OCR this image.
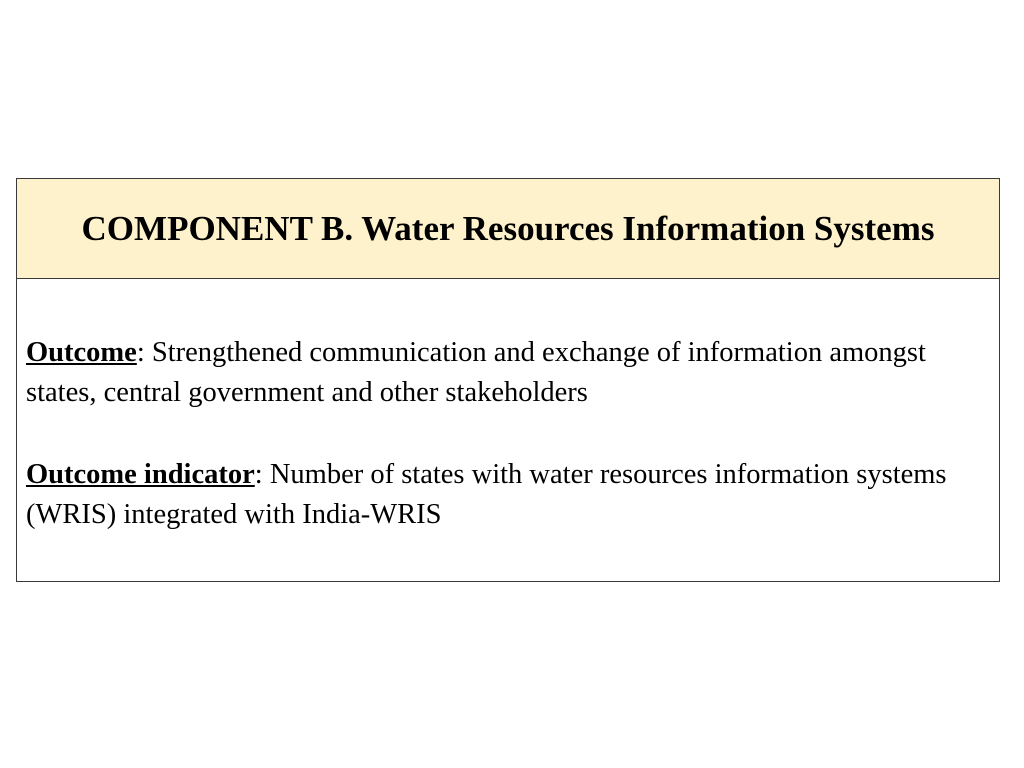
COMPONENT B. Water Resources Information Systems

Outcome: Strengthened communication and exchange of information amongst states, central government and other stakeholders

Outcome indicator: Number of states with water resources information systems (WRIS) integrated with India-WRIS
